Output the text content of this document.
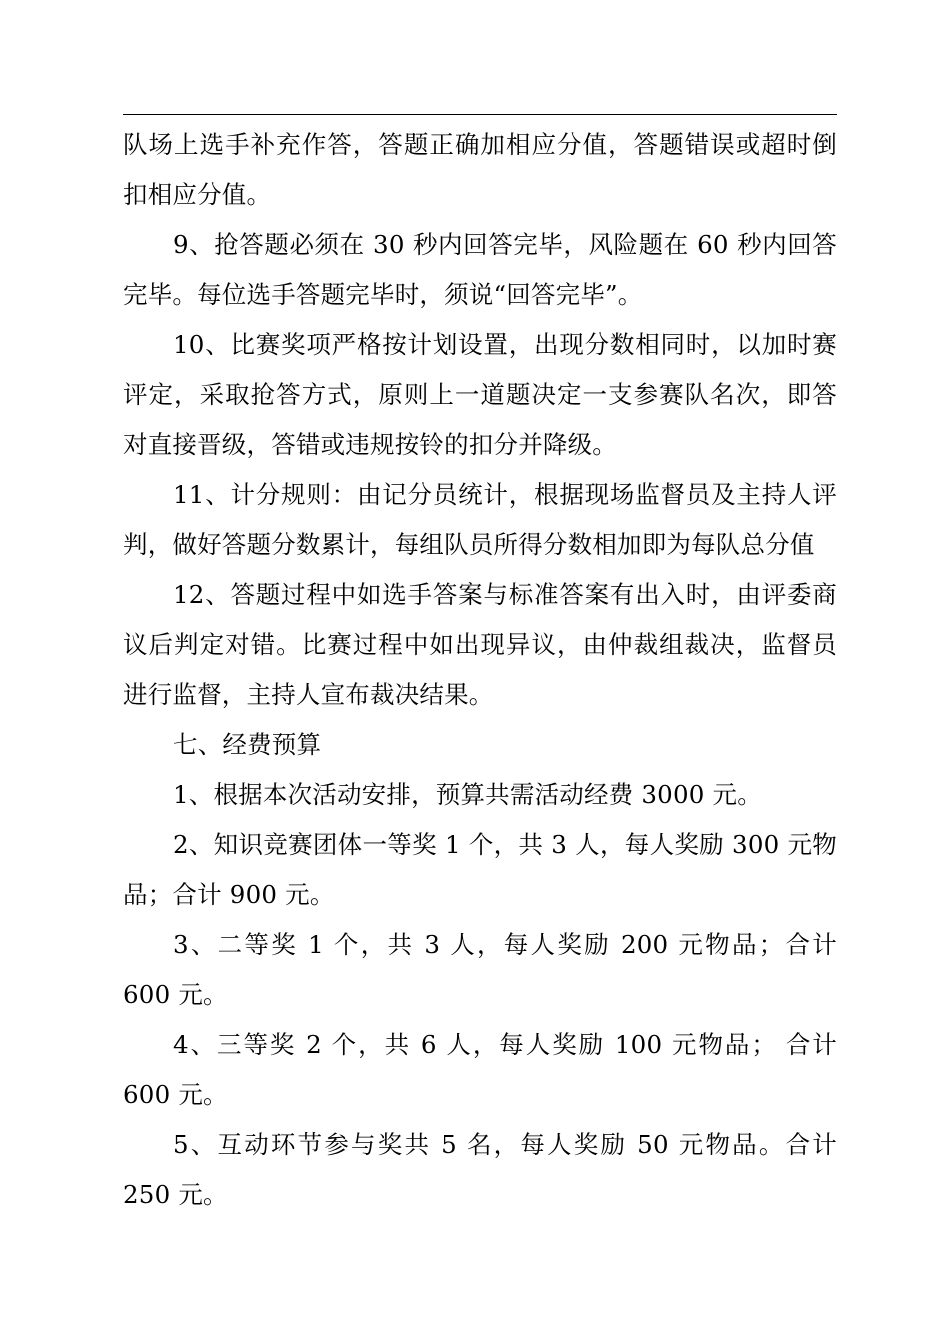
队场上选手补充作答，答题正确加相应分值，答题错误或超时倒扣相应分值。

9、抢答题必须在 30 秒内回答完毕，风险题在 60 秒内回答完毕。每位选手答题完毕时，须说“回答完毕”。

10、比赛奖项严格按计划设置，出现分数相同时，以加时赛评定，采取抢答方式，原则上一道题决定一支参赛队名次，即答对直接晋级，答错或违规按铃的扣分并降级。

11、计分规则：由记分员统计，根据现场监督员及主持人评判，做好答题分数累计，每组队员所得分数相加即为每队总分值

12、答题过程中如选手答案与标准答案有出入时，由评委商议后判定对错。比赛过程中如出现异议，由仲裁组裁决，监督员进行监督，主持人宣布裁决结果。

七、经费预算

1、根据本次活动安排，预算共需活动经费 3000 元。

2、知识竞赛团体一等奖 1 个，共 3 人，每人奖励 300 元物品；合计 900 元。

3、二等奖 1 个，共 3 人，每人奖励 200 元物品；合计 600 元。

4、三等奖 2 个，共 6 人，每人奖励 100 元物品； 合计 600 元。

5、互动环节参与奖共 5 名，每人奖励 50 元物品。合计 250 元。
